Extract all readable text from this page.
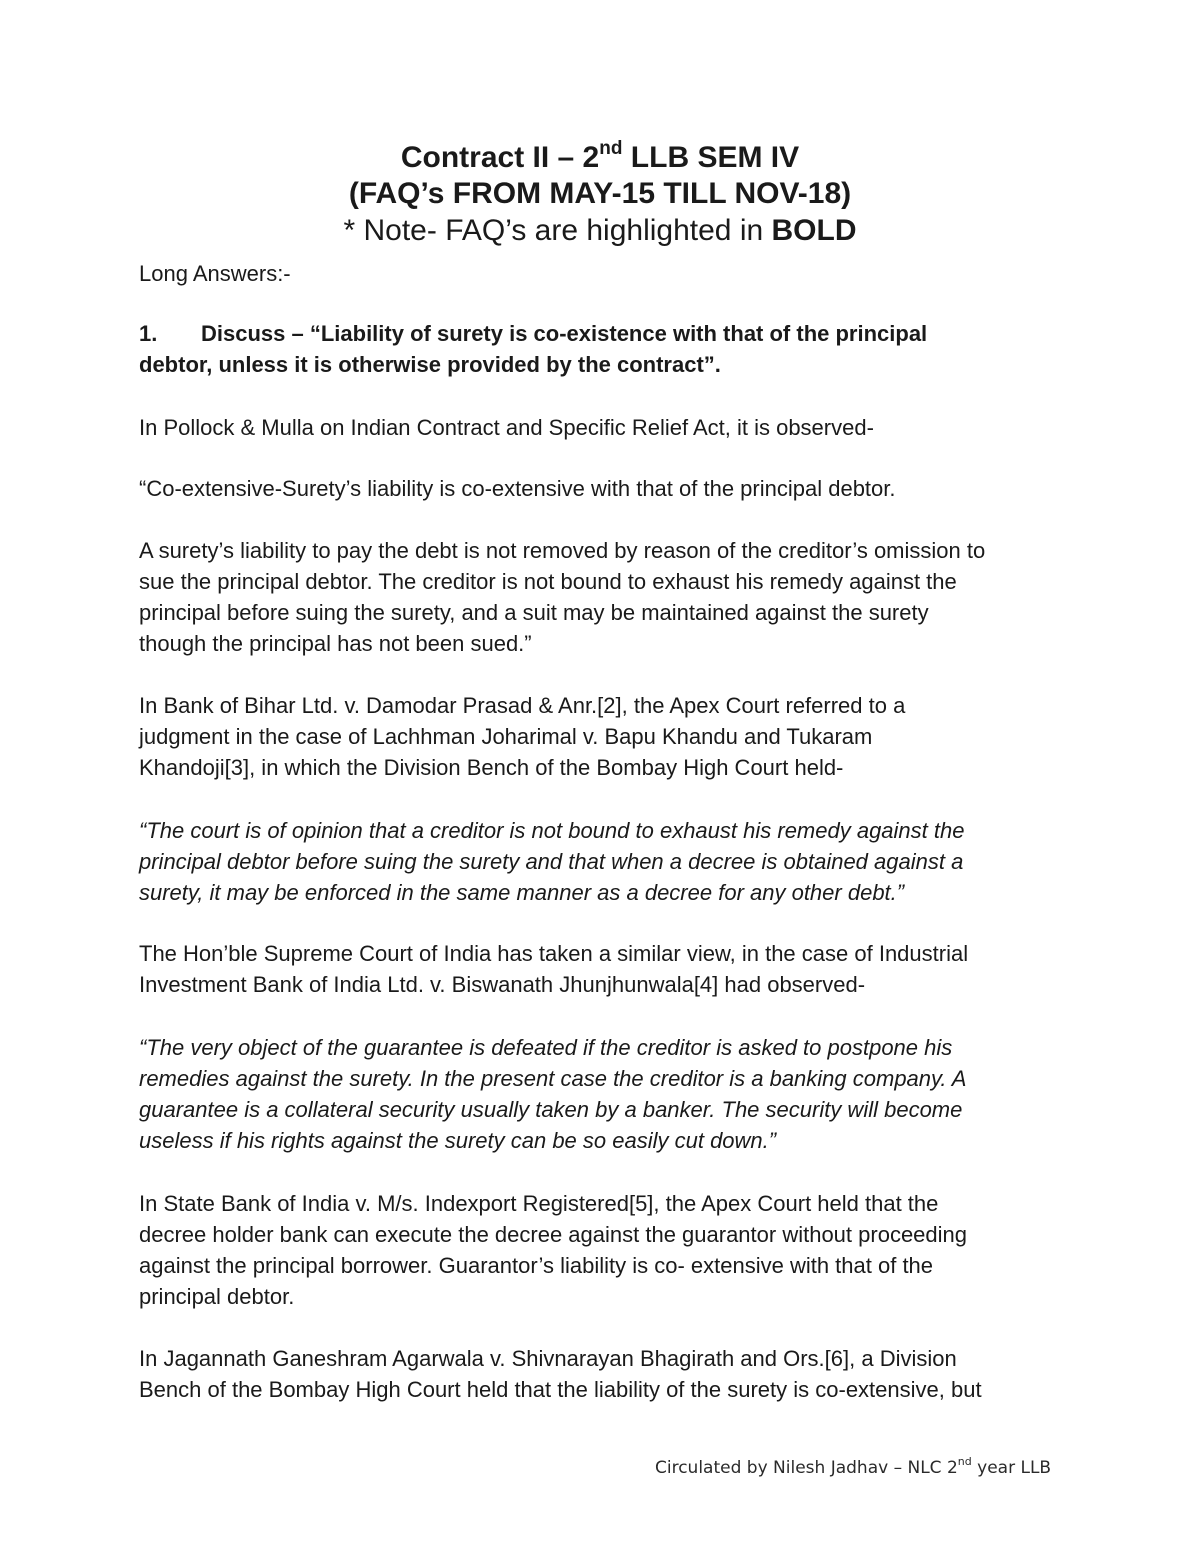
Contract II – 2nd LLB SEM IV
(FAQ’s FROM MAY-15 TILL NOV-18)
* Note- FAQ’s are highlighted in BOLD
Long Answers:-
1. Discuss – “Liability of surety is co-existence with that of the principal
debtor, unless it is otherwise provided by the contract”.
In Pollock & Mulla on Indian Contract and Specific Relief Act, it is observed-
“Co-extensive-Surety’s liability is co-extensive with that of the principal debtor.
A surety’s liability to pay the debt is not removed by reason of the creditor’s omission to
sue the principal debtor. The creditor is not bound to exhaust his remedy against the
principal before suing the surety, and a suit may be maintained against the surety
though the principal has not been sued.”
In Bank of Bihar Ltd. v. Damodar Prasad & Anr.[2], the Apex Court referred to a
judgment in the case of Lachhman Joharimal v. Bapu Khandu and Tukaram
Khandoji[3], in which the Division Bench of the Bombay High Court held-
“The court is of opinion that a creditor is not bound to exhaust his remedy against the
principal debtor before suing the surety and that when a decree is obtained against a
surety, it may be enforced in the same manner as a decree for any other debt.”
The Hon’ble Supreme Court of India has taken a similar view, in the case of Industrial
Investment Bank of India Ltd. v. Biswanath Jhunjhunwala[4] had observed-
“The very object of the guarantee is defeated if the creditor is asked to postpone his
remedies against the surety. In the present case the creditor is a banking company. A
guarantee is a collateral security usually taken by a banker. The security will become
useless if his rights against the surety can be so easily cut down.”
In State Bank of India v. M/s. Indexport Registered[5], the Apex Court held that the
decree holder bank can execute the decree against the guarantor without proceeding
against the principal borrower. Guarantor’s liability is co- extensive with that of the
principal debtor.
In Jagannath Ganeshram Agarwala v. Shivnarayan Bhagirath and Ors.[6], a Division
Bench of the Bombay High Court held that the liability of the surety is co-extensive, but
Circulated by Nilesh Jadhav – NLC 2nd year LLB
